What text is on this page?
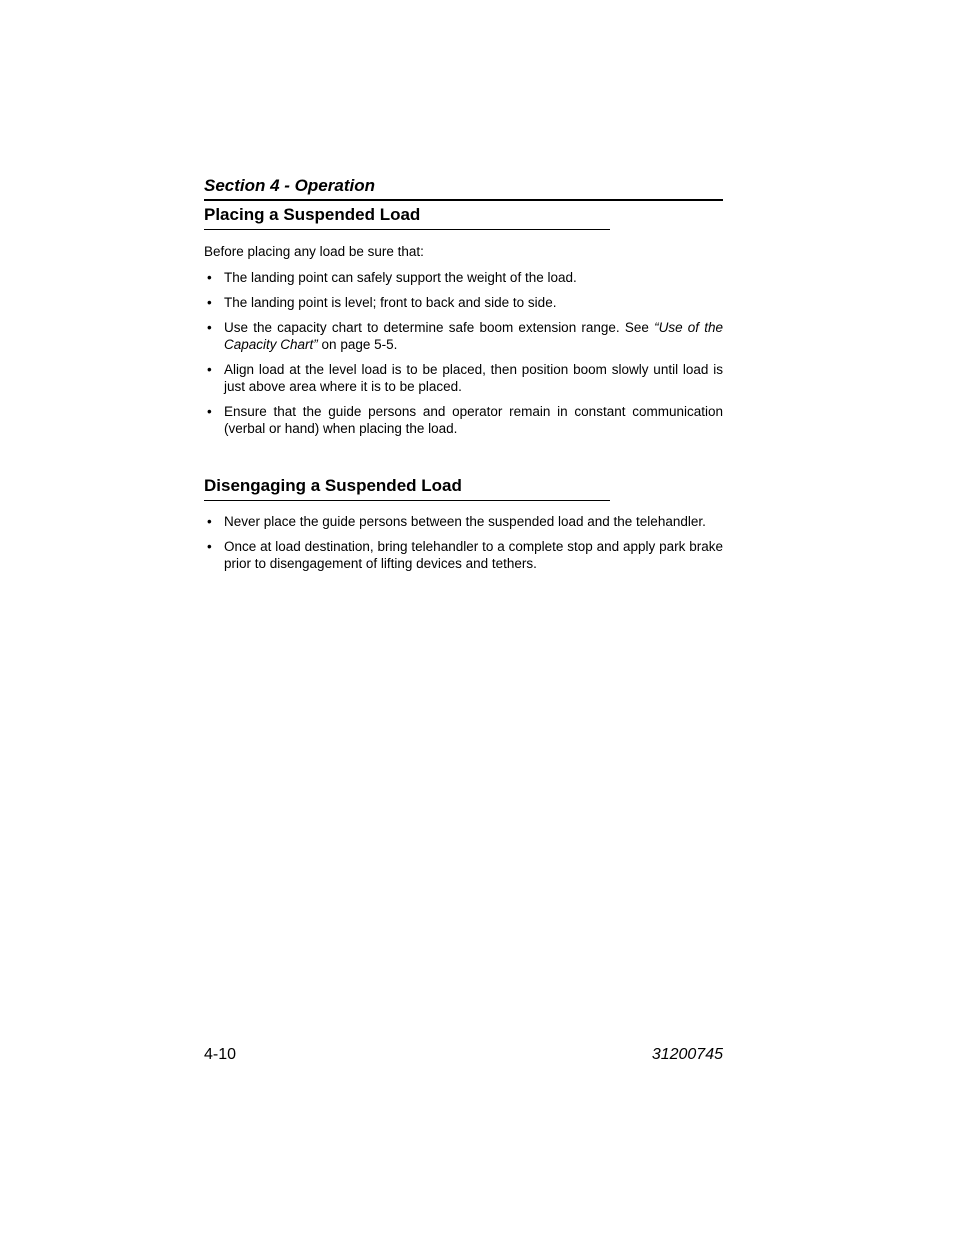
Section 4 - Operation
Placing a Suspended Load
Before placing any load be sure that:
• The landing point can safely support the weight of the load.
• The landing point is level; front to back and side to side.
• Use the capacity chart to determine safe boom extension range. See “Use of the Capacity Chart” on page 5-5.
• Align load at the level load is to be placed, then position boom slowly until load is just above area where it is to be placed.
• Ensure that the guide persons and operator remain in constant communication (verbal or hand) when placing the load.
Disengaging a Suspended Load
• Never place the guide persons between the suspended load and the telehandler.
• Once at load destination, bring telehandler to a complete stop and apply park brake prior to disengagement of lifting devices and tethers.
4-10	31200745
